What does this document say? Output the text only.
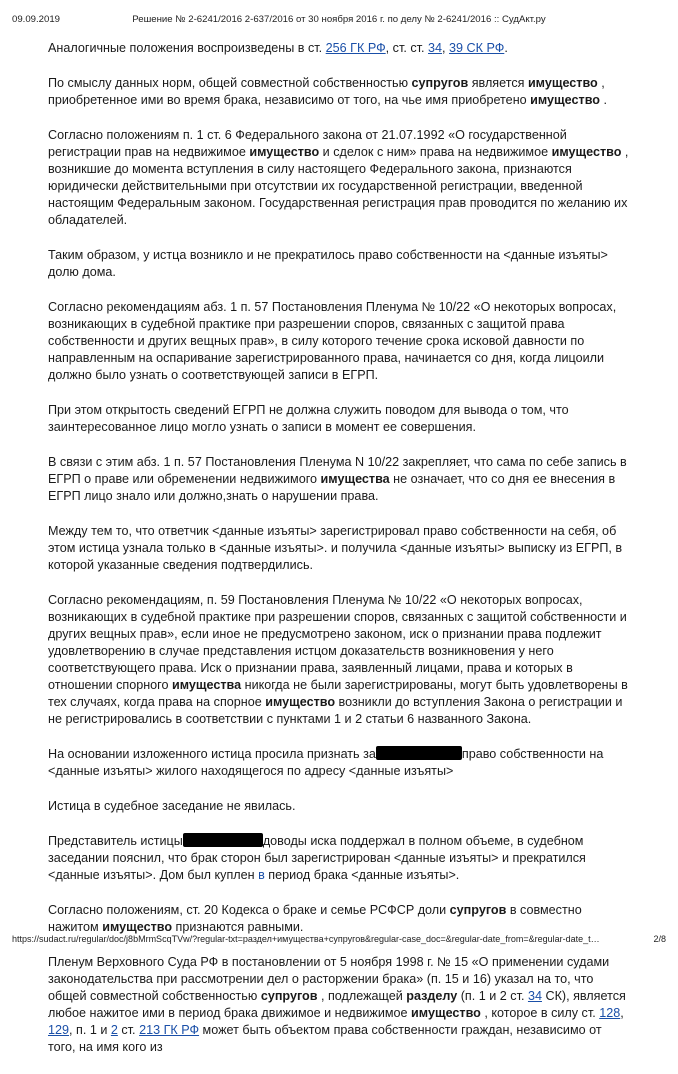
09.09.2019	Решение № 2-6241/2016 2-637/2016 от 30 ноября 2016 г. по делу № 2-6241/2016 :: СудАкт.ру

Аналогичные положения воспроизведены в ст. 256 ГК РФ, ст. ст. 34, 39 СК РФ.

По смыслу данных норм, общей совместной собственностью супругов является имущество , приобретенное ими во время брака, независимо от того, на чье имя приобретено имущество .

Согласно положениям п. 1 ст. 6 Федерального закона от 21.07.1992 «О государственной регистрации прав на недвижимое имущество и сделок с ним» права на недвижимое имущество , возникшие до момента вступления в силу настоящего Федерального закона, признаются юридически действительными при отсутствии их государственной регистрации, введенной настоящим Федеральным законом. Государственная регистрация прав проводится по желанию их обладателей.

Таким образом, у истца возникло и не прекратилось право собственности на <данные изъяты> долю дома.

Согласно рекомендациям абз. 1 п. 57 Постановления Пленума № 10/22 «О некоторых вопросах, возникающих в судебной практике при разрешении споров, связанных с защитой права собственности и других вещных прав», в силу которого течение срока исковой давности по направленным на оспаривание зарегистрированного права, начинается со дня, когда лицоили должно было узнать о соответствующей записи в ЕГРП.

При этом открытость сведений ЕГРП не должна служить поводом для вывода о том, что заинтересованное лицо могло узнать о записи в момент ее совершения.

В связи с этим абз. 1 п. 57 Постановления Пленума N 10/22 закрепляет, что сама по себе запись в ЕГРП о праве или обременении недвижимого имущества не означает, что со дня ее внесения в ЕГРП лицо знало или должно,знать о нарушении права.

Между тем то, что ответчик <данные изъяты> зарегистрировал право собственности на себя, об этом истица узнала только в <данные изъяты>. и получила <данные изъяты> выписку из ЕГРП, в которой указанные сведения подтвердились.

Согласно рекомендациям, п. 59 Постановления Пленума № 10/22 «О некоторых вопросах, возникающих в судебной практике при разрешении споров, связанных с защитой собственности и других вещных прав», если иное не предусмотрено законом, иск о признании права подлежит удовлетворению в случае представления истцом доказательств возникновения у него соответствующего права. Иск о признании права, заявленный лицами, права и которых в отношении спорного имущества никогда не были зарегистрированы, могут быть удовлетворены в тех случаях, когда права на спорное имущество возникли до вступления Закона о регистрации и не регистрировались в соответствии с пунктами 1 и 2 статьи 6 названного Закона.

На основании изложенного истица просила признать за	право собственности на <данные изъяты> жилого находящегося по адресу <данные изъяты>

Истица в судебное заседание не явилась.

Представитель истицы	доводы иска поддержал в полном объеме, в судебном заседании пояснил, что брак сторон был зарегистрирован <данные изъяты> и прекратился <данные изъяты>. Дом был куплен в период брака <данные изъяты>.

Согласно положениям, ст. 20 Кодекса о браке и семье РСФСР доли супругов в совместно нажитом имущество признаются равными.

Пленум Верховного Суда РФ в постановлении от 5 ноября 1998 г. № 15 «О применении судами законодательства при рассмотрении дел о расторжении брака» (п. 15 и 16) указал на то, что общей совместной собственностью супругов , подлежащей разделу (п. 1 и 2 ст. 34 СК), является любое нажитое ими в период брака движимое и недвижимое имущество , которое в силу ст. 128, 129, п. 1 и 2 ст. 213 ГК РФ может быть объектом права собственности граждан, независимо от того, на имя кого из

https://sudact.ru/regular/doc/j8bMrmScqTVw/?regular-txt=раздел+имущества+супругов&regular-case_doc=&regular-date_from=&regular-date_t…	2/8
